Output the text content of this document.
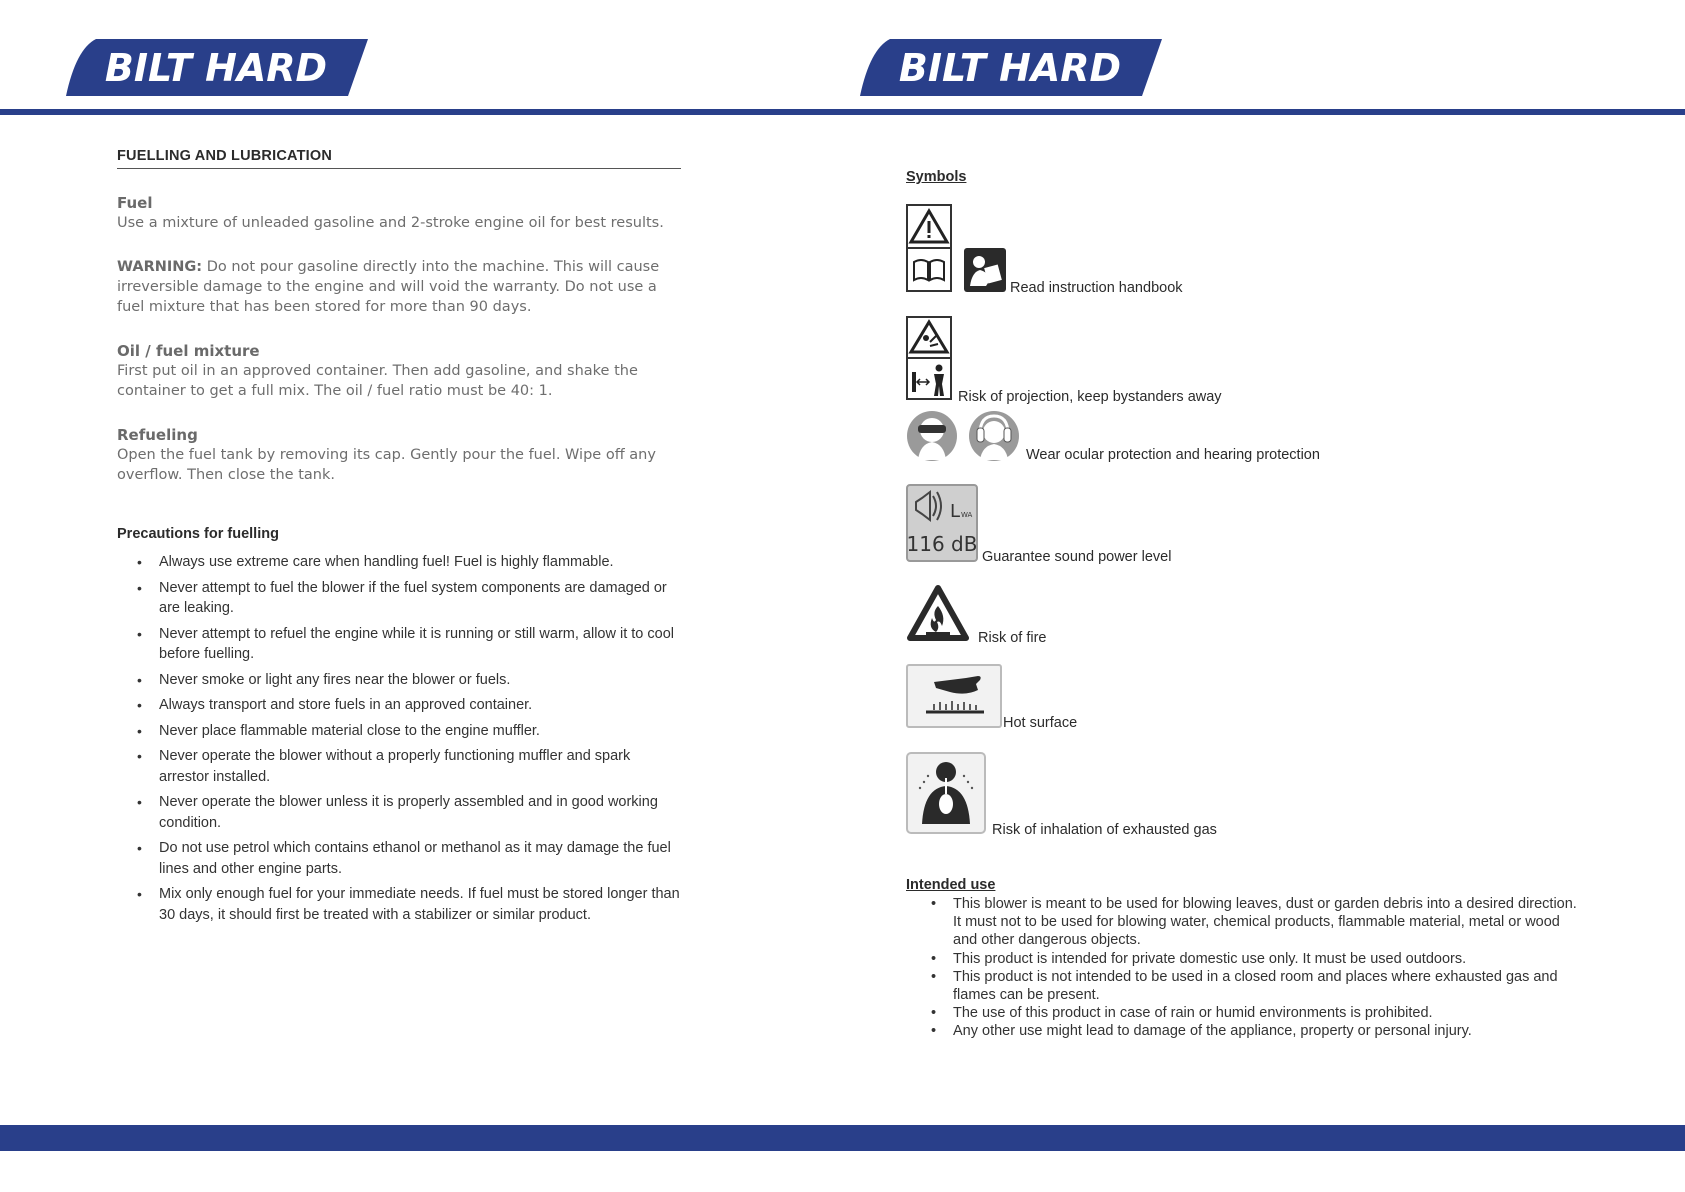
BILT HARD	BILT HARD
FUELLING AND LUBRICATION
Fuel
Use a mixture of unleaded gasoline and 2-stroke engine oil for best results.
WARNING: Do not pour gasoline directly into the machine. This will cause irreversible damage to the engine and will void the warranty. Do not use a fuel mixture that has been stored for more than 90 days.
Oil / fuel mixture
First put oil in an approved container. Then add gasoline, and shake the container to get a full mix. The oil / fuel ratio must be 40: 1.
Refueling
Open the fuel tank by removing its cap. Gently pour the fuel. Wipe off any overflow. Then close the tank.
Precautions for fuelling
• Always use extreme care when handling fuel! Fuel is highly flammable.
• Never attempt to fuel the blower if the fuel system components are damaged or are leaking.
• Never attempt to refuel the engine while it is running or still warm, allow it to cool before fuelling.
• Never smoke or light any fires near the blower or fuels.
• Always transport and store fuels in an approved container.
• Never place flammable material close to the engine muffler.
• Never operate the blower without a properly functioning muffler and spark arrestor installed.
• Never operate the blower unless it is properly assembled and in good working condition.
• Do not use petrol which contains ethanol or methanol as it may damage the fuel lines and other engine parts.
• Mix only enough fuel for your immediate needs. If fuel must be stored longer than 30 days, it should first be treated with a stabilizer or similar product.
Symbols
Read instruction handbook
Risk of projection, keep bystanders away
Wear ocular protection and hearing protection
L WA
116 dB
Guarantee sound power level
Risk of fire
Hot surface
Risk of inhalation of exhausted gas
Intended use
• This blower is meant to be used for blowing leaves, dust or garden debris into a desired direction. It must not to be used for blowing water, chemical products, flammable material, metal or wood and other dangerous objects.
• This product is intended for private domestic use only. It must be used outdoors.
• This product is not intended to be used in a closed room and places where exhausted gas and flames can be present.
• The use of this product in case of rain or humid environments is prohibited.
• Any other use might lead to damage of the appliance, property or personal injury.
